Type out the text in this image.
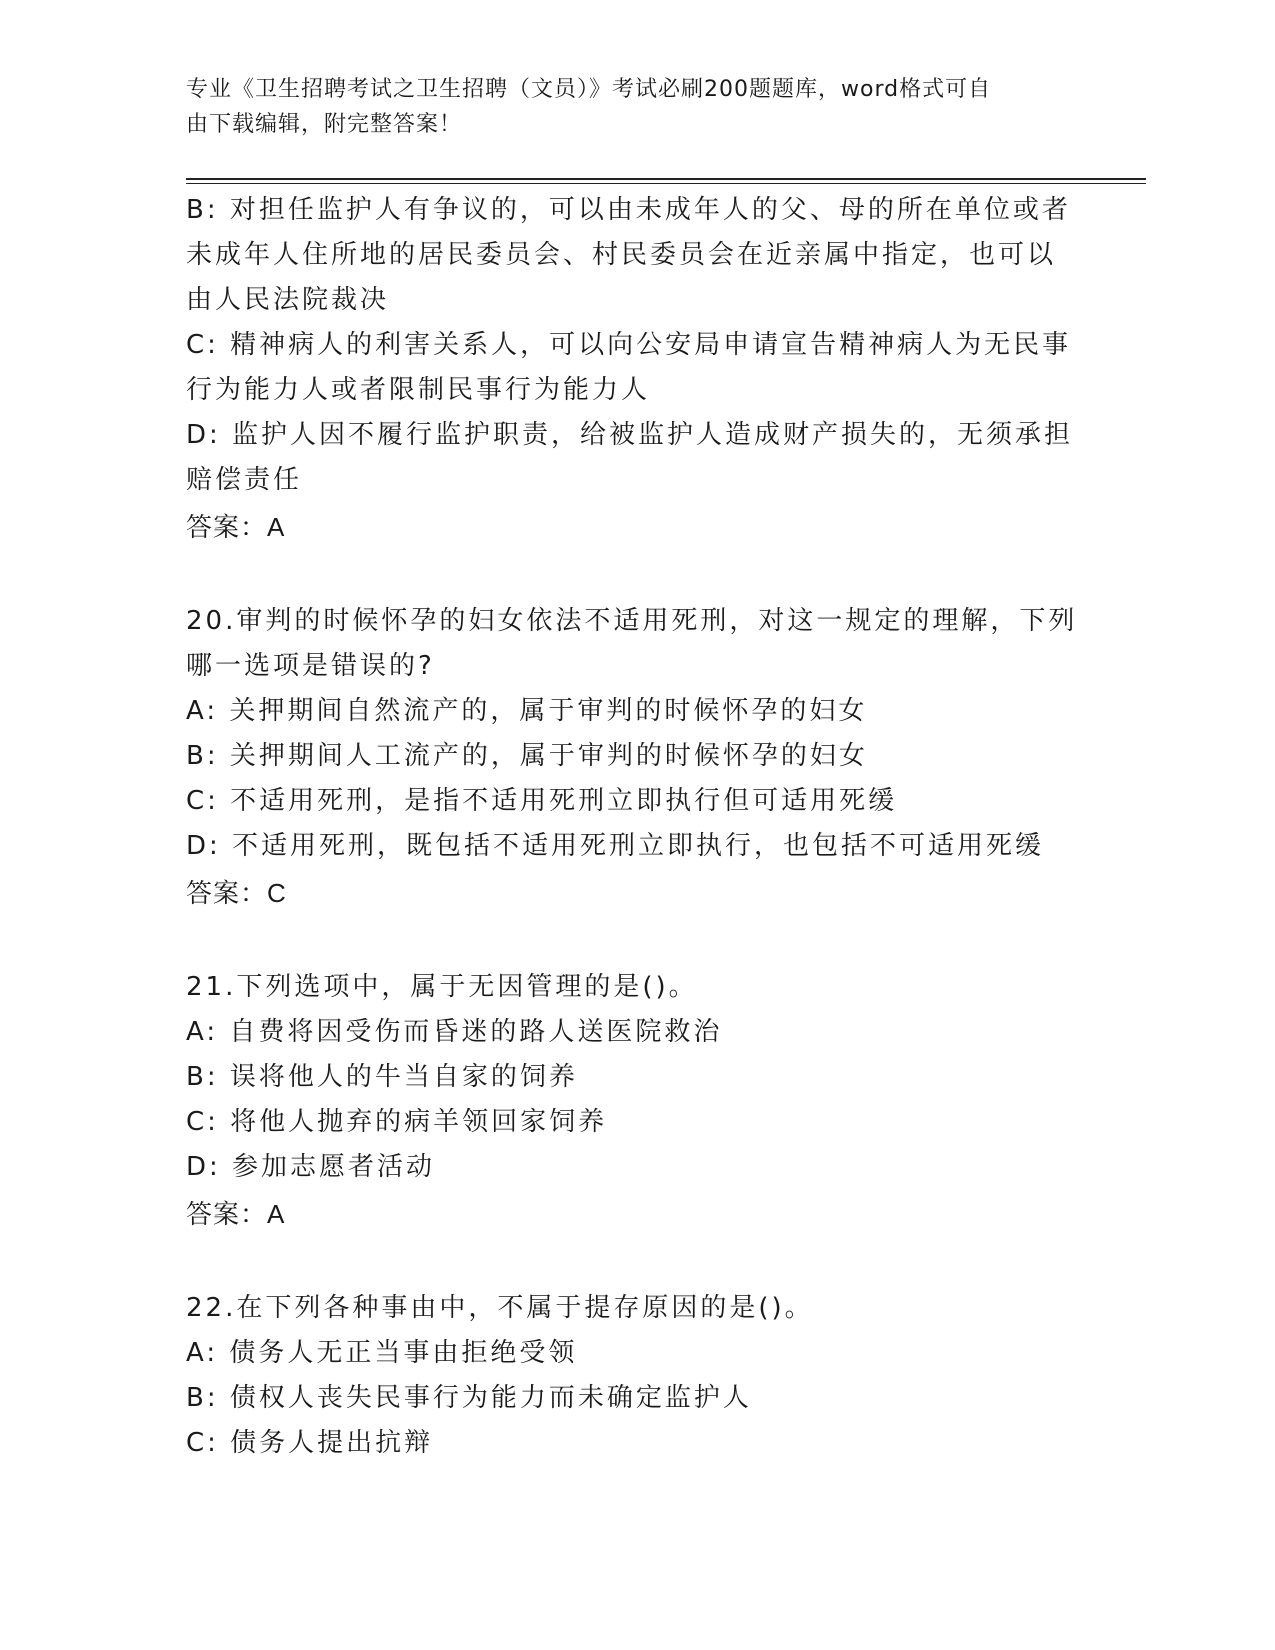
专业《卫生招聘考试之卫生招聘（文员）》考试必刷200题题库，word格式可自
由下载编辑，附完整答案！
B: 对担任监护人有争议的，可以由未成年人的父、母的所在单位或者
未成年人住所地的居民委员会、村民委员会在近亲属中指定，也可以
由人民法院裁决
C: 精神病人的利害关系人，可以向公安局申请宣告精神病人为无民事
行为能力人或者限制民事行为能力人
D: 监护人因不履行监护职责，给被监护人造成财产损失的，无须承担
赔偿责任
答案：A
20.审判的时候怀孕的妇女依法不适用死刑，对这一规定的理解，下列
哪一选项是错误的?
A: 关押期间自然流产的，属于审判的时候怀孕的妇女
B: 关押期间人工流产的，属于审判的时候怀孕的妇女
C: 不适用死刑，是指不适用死刑立即执行但可适用死缓
D: 不适用死刑，既包括不适用死刑立即执行，也包括不可适用死缓
答案：C
21.下列选项中，属于无因管理的是()。
A: 自费将因受伤而昏迷的路人送医院救治
B: 误将他人的牛当自家的饲养
C: 将他人抛弃的病羊领回家饲养
D: 参加志愿者活动
答案：A
22.在下列各种事由中，不属于提存原因的是()。
A: 债务人无正当事由拒绝受领
B: 债权人丧失民事行为能力而未确定监护人
C: 债务人提出抗辩
